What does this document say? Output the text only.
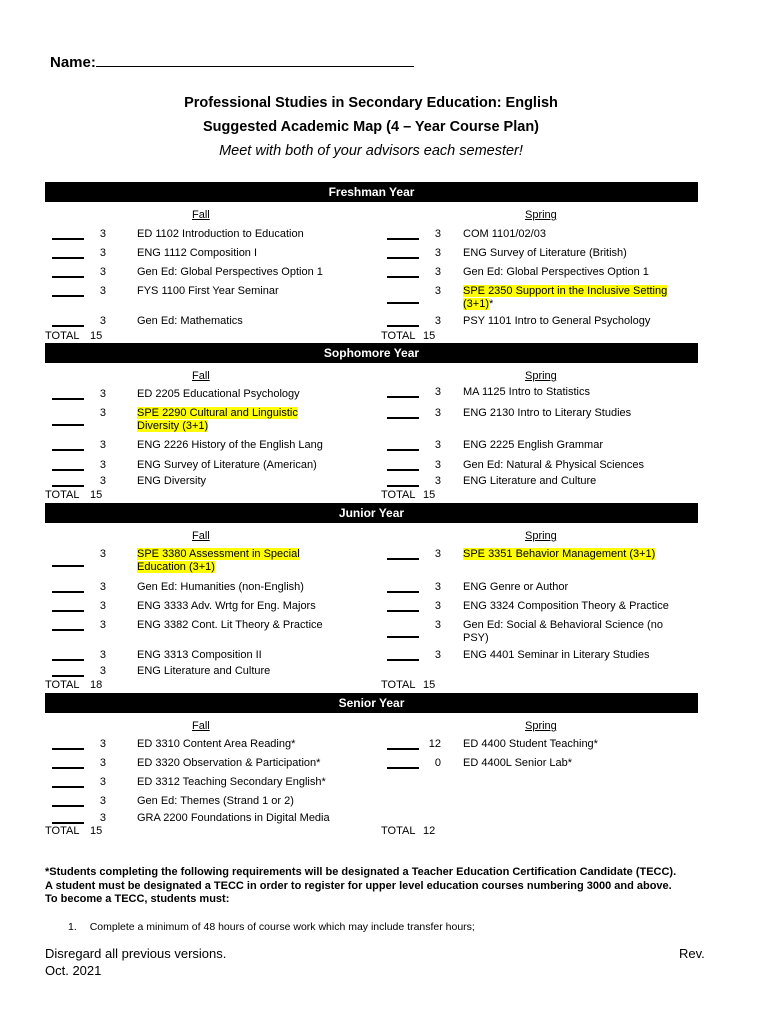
Name:
Professional Studies in Secondary Education: English
Suggested Academic Map (4 – Year Course Plan)
Meet with both of your advisors each semester!
Freshman Year
Fall
3	ED 1102 Introduction to Education
3	ENG 1112 Composition I
3	Gen Ed: Global Perspectives Option 1
3	FYS 1100 First Year Seminar
3	Gen Ed: Mathematics
TOTAL 15
Spring
3 COM 1101/02/03
3 ENG Survey of Literature (British)
3 Gen Ed: Global Perspectives Option 1
3 SPE 2350 Support in the Inclusive Setting
(3+1)*
3 PSY 1101 Intro to General Psychology
TOTAL 15
Sophomore Year
Fall
3	ED 2205 Educational Psychology
3	SPE 2290 Cultural and Linguistic
Diversity (3+1)
3	ENG 2226 History of the English Lang
3	ENG Survey of Literature (American)
3	ENG Diversity
TOTAL 15
Spring
3 MA 1125 Intro to Statistics
3 ENG 2130 Intro to Literary Studies
3 ENG 2225 English Grammar
3 Gen Ed: Natural & Physical Sciences
3 ENG Literature and Culture
TOTAL 15
Junior Year
Fall
3	SPE 3380 Assessment in Special
Education (3+1)
3	Gen Ed: Humanities (non-English)
3	ENG 3333 Adv. Wrtg for Eng. Majors
3	ENG 3382 Cont. Lit Theory & Practice
3	ENG 3313 Composition II
3	ENG Literature and Culture
TOTAL 18
Spring
3 SPE 3351 Behavior Management (3+1)
3 ENG Genre or Author
3 ENG 3324 Composition Theory & Practice
3 Gen Ed: Social & Behavioral Science (no
PSY)
3 ENG 4401 Seminar in Literary Studies
TOTAL 15
Senior Year
Fall
3	ED 3310 Content Area Reading*
3	ED 3320 Observation & Participation*
3	ED 3312 Teaching Secondary English*
3	Gen Ed: Themes (Strand 1 or 2)
3	GRA 2200 Foundations in Digital Media
TOTAL 15
Spring
12 ED 4400 Student Teaching*
0 ED 4400L Senior Lab*
TOTAL 12
*Students completing the following requirements will be designated a Teacher Education Certification Candidate (TECC). A student must be designated a TECC in order to register for upper level education courses numbering 3000 and above. To become a TECC, students must:
1. Complete a minimum of 48 hours of course work which may include transfer hours;
Disregard all previous versions.
Oct. 2021
Rev.
